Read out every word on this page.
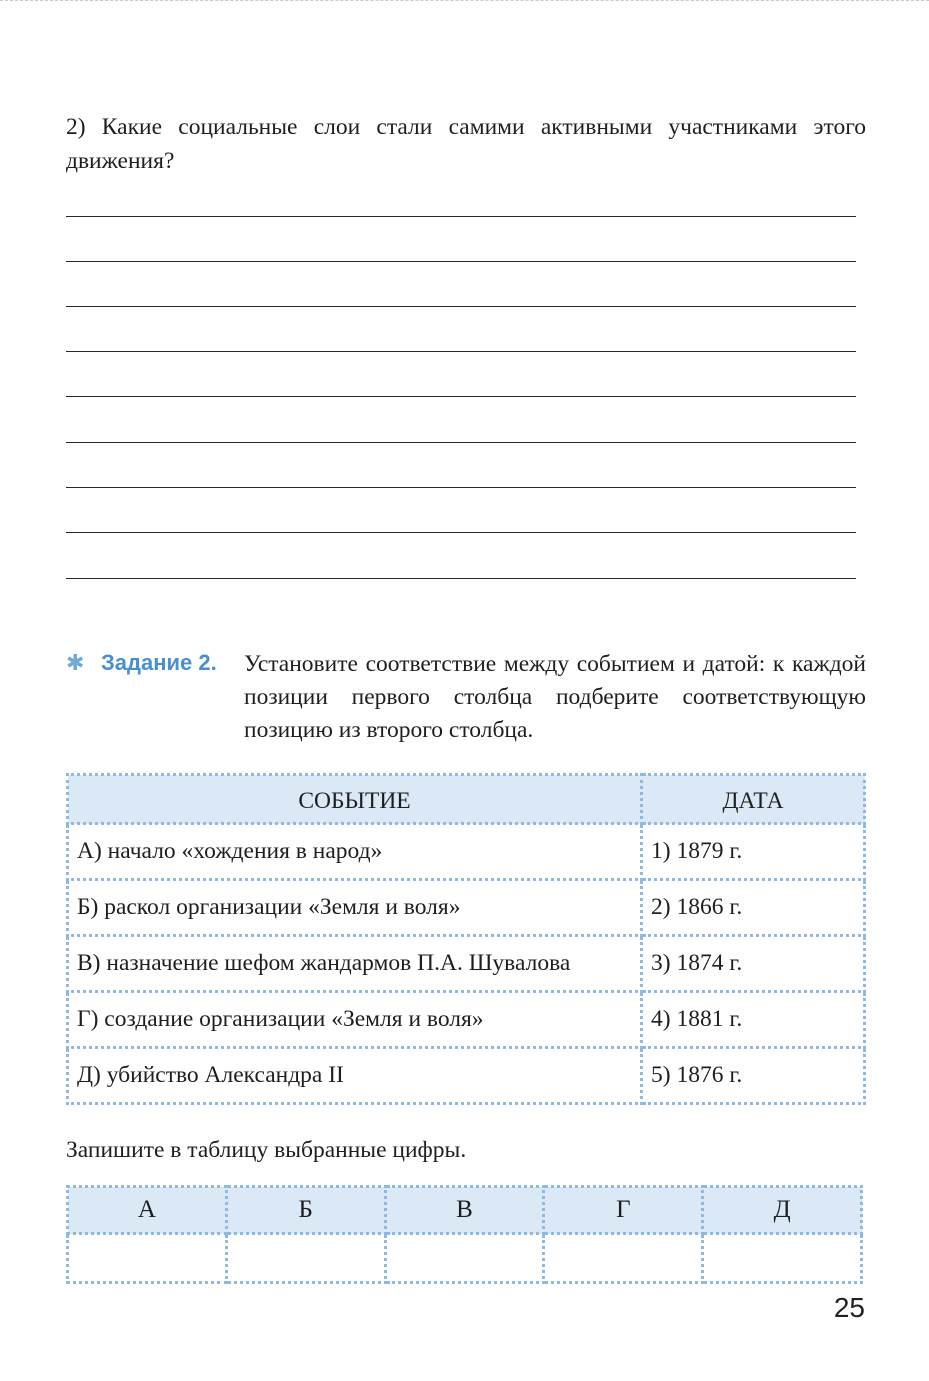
2) Какие социальные слои стали самими активными участниками этого движения?
✱ Задание 2. Установите соответствие между событием и датой: к каждой позиции первого столбца подберите соответствующую позицию из второго столбца.
СОБЫТИЕ	ДАТА
А) начало «хождения в народ»	1) 1879 г.
Б) раскол организации «Земля и воля»	2) 1866 г.
В) назначение шефом жандармов П.А. Шувалова	3) 1874 г.
Г) создание организации «Земля и воля»	4) 1881 г.
Д) убийство Александра II	5) 1876 г.
Запишите в таблицу выбранные цифры.
А	Б	В	Г	Д

25
